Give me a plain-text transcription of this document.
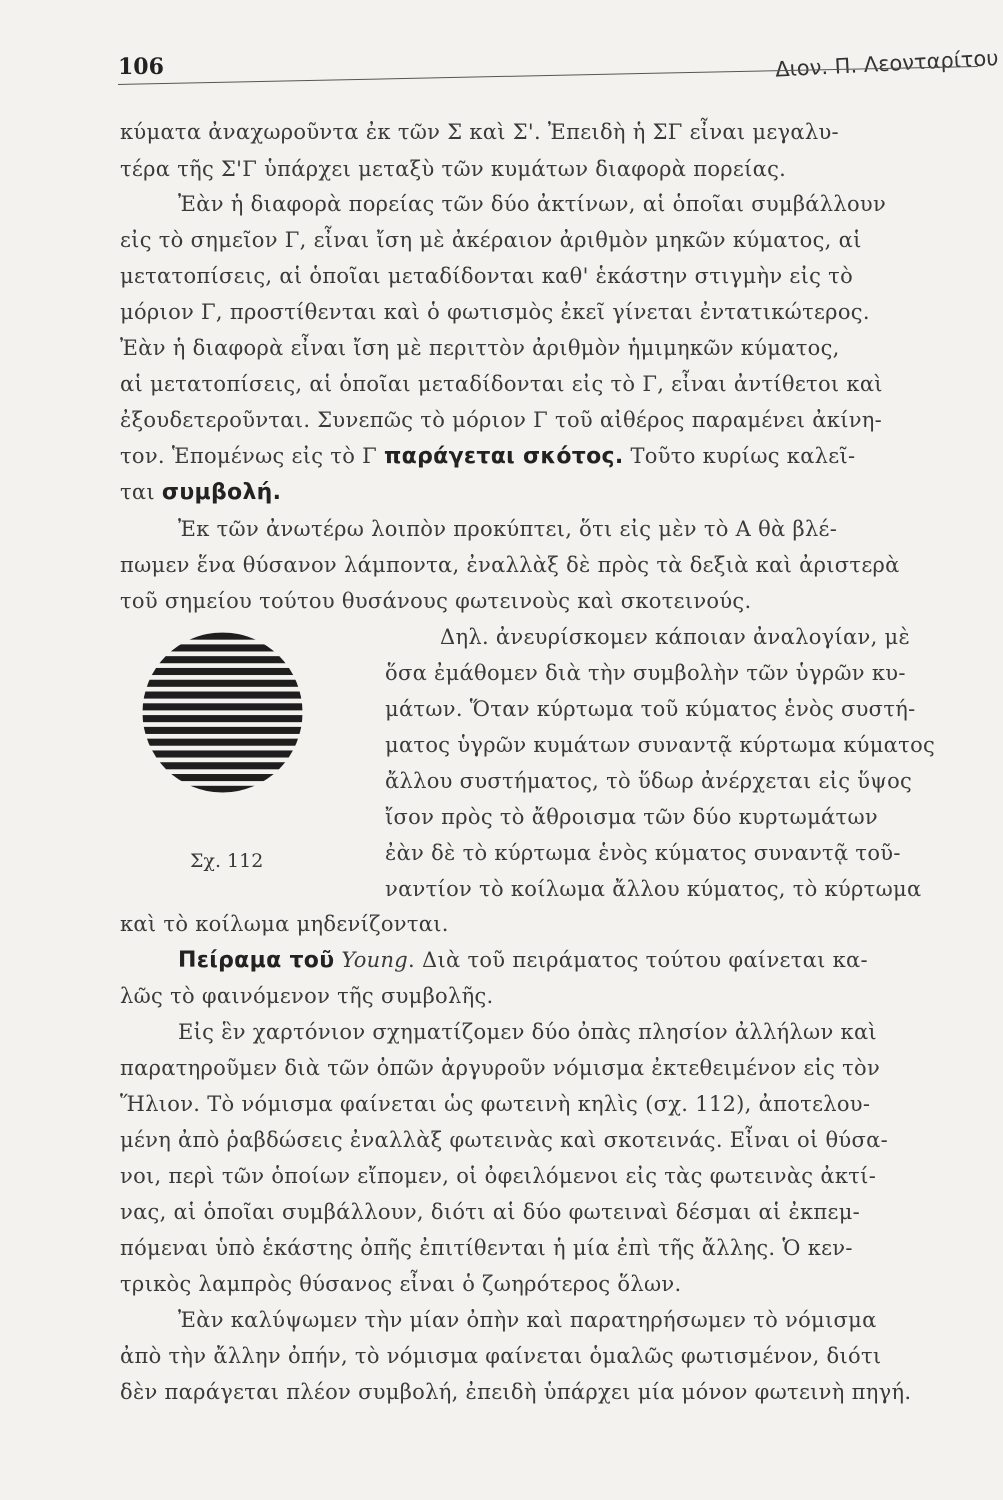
106	Διον. Π. Λεονταρίτου
κύματα ἀναχωροῦντα ἐκ τῶν Σ καὶ Σ'. Ἐπειδὴ ἡ ΣΓ εἶναι μεγαλυ-
τέρα τῆς Σ'Γ ὑπάρχει μεταξὺ τῶν κυμάτων διαφορὰ πορείας.
Ἐὰν ἡ διαφορὰ πορείας τῶν δύο ἀκτίνων, αἱ ὁποῖαι συμβάλλουν
εἰς τὸ σημεῖον Γ, εἶναι ἴση μὲ ἀκέραιον ἀριθμὸν μηκῶν κύματος, αἱ
μετατοπίσεις, αἱ ὁποῖαι μεταδίδονται καθ' ἑκάστην στιγμὴν εἰς τὸ
μόριον Γ, προστίθενται καὶ ὁ φωτισμὸς ἐκεῖ γίνεται ἐντατικώτερος.
Ἐὰν ἡ διαφορὰ εἶναι ἴση μὲ περιττὸν ἀριθμὸν ἡμιμηκῶν κύματος,
αἱ μετατοπίσεις, αἱ ὁποῖαι μεταδίδονται εἰς τὸ Γ, εἶναι ἀντίθετοι καὶ
ἐξουδετεροῦνται. Συνεπῶς τὸ μόριον Γ τοῦ αἰθέρος παραμένει ἀκίνη-
τον. Ἑπομένως εἰς τὸ Γ παράγεται σκότος. Τοῦτο κυρίως καλεῖ-
ται συμβολή.
Ἐκ τῶν ἀνωτέρω λοιπὸν προκύπτει, ὅτι εἰς μὲν τὸ Α θὰ βλέ-
πωμεν ἕνα θύσανον λάμποντα, ἐναλλὰξ δὲ πρὸς τὰ δεξιὰ καὶ ἀριστερὰ
τοῦ σημείου τούτου θυσάνους φωτεινοὺς καὶ σκοτεινούς.
Δηλ. ἀνευρίσκομεν κάποιαν ἀναλογίαν, μὲ
ὅσα ἐμάθομεν διὰ τὴν συμβολὴν τῶν ὑγρῶν κυ-
μάτων. Ὅταν κύρτωμα τοῦ κύματος ἑνὸς συστή-
ματος ὑγρῶν κυμάτων συναντᾷ κύρτωμα κύματος
ἄλλου συστήματος, τὸ ὕδωρ ἀνέρχεται εἰς ὕψος
ἴσον πρὸς τὸ ἄθροισμα τῶν δύο κυρτωμάτων
ἐὰν δὲ τὸ κύρτωμα ἑνὸς κύματος συναντᾷ τοῦ-
ναντίον τὸ κοίλωμα ἄλλου κύματος, τὸ κύρτωμα
Σχ. 112
καὶ τὸ κοίλωμα μηδενίζονται.
Πείραμα τοῦ Young. Διὰ τοῦ πειράματος τούτου φαίνεται κα-
λῶς τὸ φαινόμενον τῆς συμβολῆς.
Εἰς ἓν χαρτόνιον σχηματίζομεν δύο ὀπὰς πλησίον ἀλλήλων καὶ
παρατηροῦμεν διὰ τῶν ὀπῶν ἀργυροῦν νόμισμα ἐκτεθειμένον εἰς τὸν
Ἥλιον. Τὸ νόμισμα φαίνεται ὡς φωτεινὴ κηλὶς (σχ. 112), ἀποτελου-
μένη ἀπὸ ῥαβδώσεις ἐναλλὰξ φωτεινὰς καὶ σκοτεινάς. Εἶναι οἱ θύσα-
νοι, περὶ τῶν ὁποίων εἴπομεν, οἱ ὀφειλόμενοι εἰς τὰς φωτεινὰς ἀκτί-
νας, αἱ ὁποῖαι συμβάλλουν, διότι αἱ δύο φωτειναὶ δέσμαι αἱ ἐκπεμ-
πόμεναι ὑπὸ ἑκάστης ὀπῆς ἐπιτίθενται ἡ μία ἐπὶ τῆς ἄλλης. Ὁ κεν-
τρικὸς λαμπρὸς θύσανος εἶναι ὁ ζωηρότερος ὅλων.
Ἐὰν καλύψωμεν τὴν μίαν ὀπὴν καὶ παρατηρήσωμεν τὸ νόμισμα
ἀπὸ τὴν ἄλλην ὀπήν, τὸ νόμισμα φαίνεται ὁμαλῶς φωτισμένον, διότι
δὲν παράγεται πλέον συμβολή, ἐπειδὴ ὑπάρχει μία μόνον φωτεινὴ πηγή.
